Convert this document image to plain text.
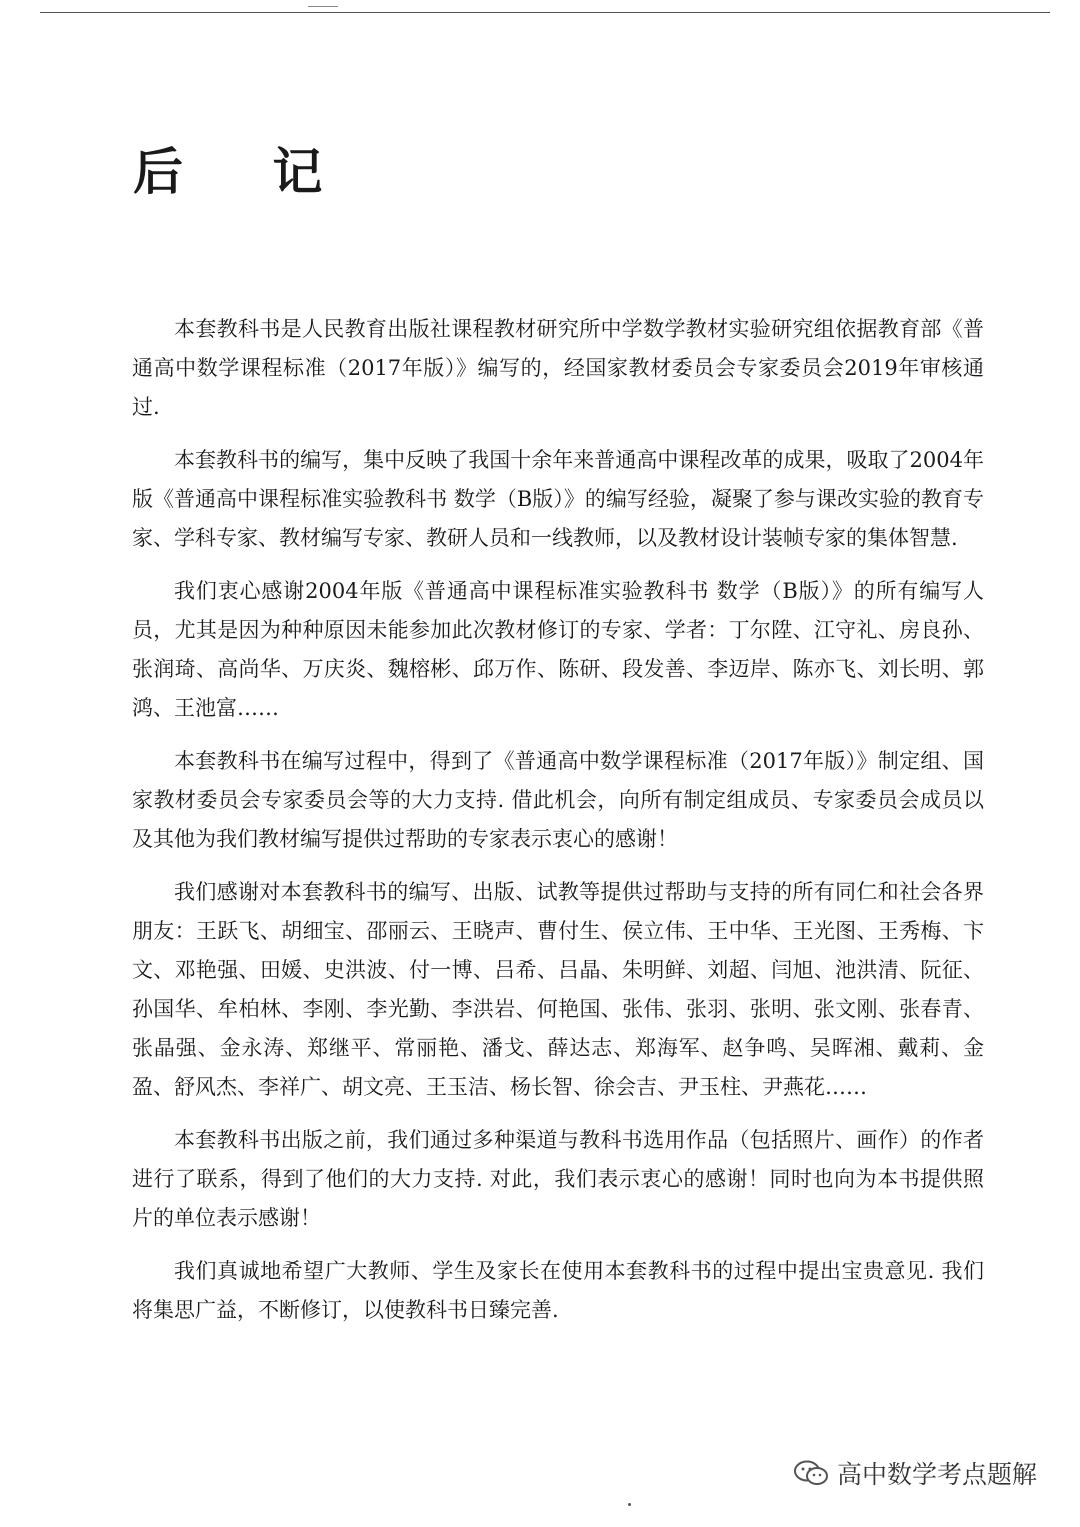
后 记

本套教科书是人民教育出版社课程教材研究所中学数学教材实验研究组依据教育部《普通高中数学课程标准（2017年版）》编写的，经国家教材委员会专家委员会2019年审核通过.

本套教科书的编写，集中反映了我国十余年来普通高中课程改革的成果，吸取了2004年版《普通高中课程标准实验教科书 数学（B版）》的编写经验，凝聚了参与课改实验的教育专家、学科专家、教材编写专家、教研人员和一线教师，以及教材设计装帧专家的集体智慧.

我们衷心感谢2004年版《普通高中课程标准实验教科书 数学（B版）》的所有编写人员，尤其是因为种种原因未能参加此次教材修订的专家、学者：丁尔陞、江守礼、房良孙、张润琦、高尚华、万庆炎、魏榕彬、邱万作、陈研、段发善、李迈岸、陈亦飞、刘长明、郭鸿、王池富……

本套教科书在编写过程中，得到了《普通高中数学课程标准（2017年版）》制定组、国家教材委员会专家委员会等的大力支持. 借此机会，向所有制定组成员、专家委员会成员以及其他为我们教材编写提供过帮助的专家表示衷心的感谢！

我们感谢对本套教科书的编写、出版、试教等提供过帮助与支持的所有同仁和社会各界朋友：王跃飞、胡细宝、邵丽云、王晓声、曹付生、侯立伟、王中华、王光图、王秀梅、卞文、邓艳强、田媛、史洪波、付一博、吕希、吕晶、朱明鲜、刘超、闫旭、池洪清、阮征、孙国华、牟柏林、李刚、李光勤、李洪岩、何艳国、张伟、张羽、张明、张文刚、张春青、张晶强、金永涛、郑继平、常丽艳、潘戈、薛达志、郑海军、赵争鸣、吴晖湘、戴莉、金盈、舒风杰、李祥广、胡文亮、王玉洁、杨长智、徐会吉、尹玉柱、尹燕花……

本套教科书出版之前，我们通过多种渠道与教科书选用作品（包括照片、画作）的作者进行了联系，得到了他们的大力支持. 对此，我们表示衷心的感谢！同时也向为本书提供照片的单位表示感谢！

我们真诚地希望广大教师、学生及家长在使用本套教科书的过程中提出宝贵意见. 我们将集思广益，不断修订，以使教科书日臻完善.

高中数学考点题解
